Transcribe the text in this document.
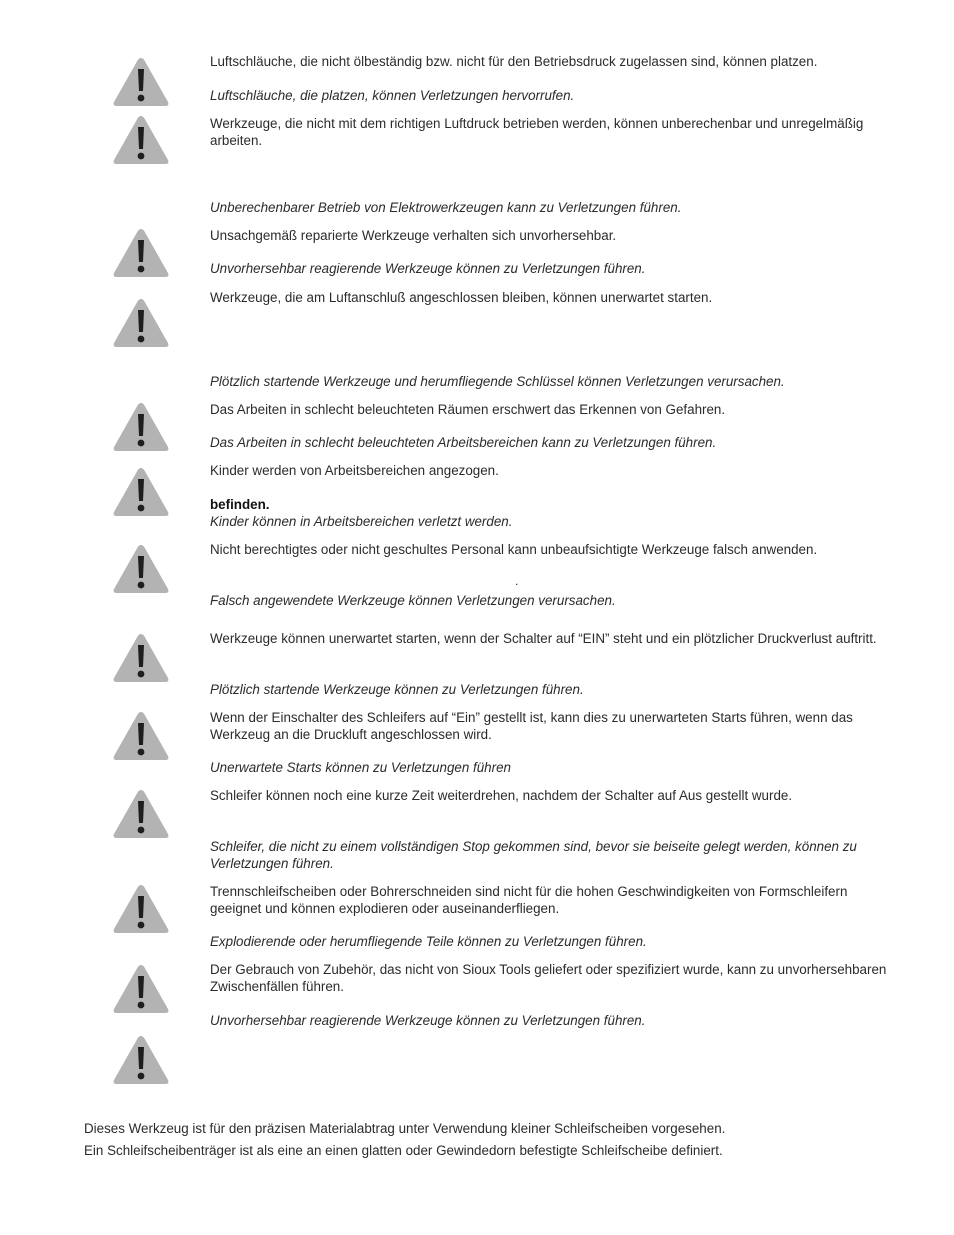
Luftschläuche, die nicht ölbeständig bzw. nicht für den Betriebsdruck zugelassen sind, können platzen.

Luftschläuche, die platzen, können Verletzungen hervorrufen.

Werkzeuge, die nicht mit dem richtigen Luftdruck betrieben werden, können unberechenbar und unregelmäßig arbeiten.

Unberechenbarer Betrieb von Elektrowerkzeugen kann zu Verletzungen führen.

Unsachgemäß reparierte Werkzeuge verhalten sich unvorhersehbar.

Unvorhersehbar reagierende Werkzeuge können zu Verletzungen führen.

Werkzeuge, die am Luftanschluß angeschlossen bleiben, können unerwartet starten.

Plötzlich startende Werkzeuge und herumfliegende Schlüssel können Verletzungen verursachen.

Das Arbeiten in schlecht beleuchteten Räumen erschwert das Erkennen von Gefahren.

Das Arbeiten in schlecht beleuchteten Arbeitsbereichen kann zu Verletzungen führen.

Kinder werden von Arbeitsbereichen angezogen.

befinden.

Kinder können in Arbeitsbereichen verletzt werden.

Nicht berechtigtes oder nicht geschultes Personal kann unbeaufsichtigte Werkzeuge falsch anwenden.

.

Falsch angewendete Werkzeuge können Verletzungen verursachen.

Werkzeuge können unerwartet starten, wenn der Schalter auf “EIN” steht und ein plötzlicher Druckverlust auftritt.

Plötzlich startende Werkzeuge können zu Verletzungen führen.

Wenn der Einschalter des Schleifers auf “Ein” gestellt ist, kann dies zu unerwarteten Starts führen, wenn das Werkzeug an die Druckluft angeschlossen wird.

Unerwartete Starts können zu Verletzungen führen

Schleifer können noch eine kurze Zeit weiterdrehen, nachdem der Schalter auf Aus gestellt wurde.

Schleifer, die nicht zu einem vollständigen Stop gekommen sind, bevor sie beiseite gelegt werden, können zu Verletzungen führen.

Trennschleifscheiben oder Bohrerschneiden sind nicht für die hohen Geschwindigkeiten von Formschleifern geeignet und können explodieren oder auseinanderfliegen.

Explodierende oder herumfliegende Teile können zu Verletzungen führen.

Der Gebrauch von Zubehör, das nicht von Sioux Tools geliefert oder spezifiziert wurde, kann zu unvorhersehbaren Zwischenfällen führen.

Unvorhersehbar reagierende Werkzeuge können zu Verletzungen führen.

Dieses Werkzeug ist für den präzisen Materialabtrag unter Verwendung kleiner Schleifscheiben vorgesehen.

Ein Schleifscheibenträger ist als eine an einen glatten oder Gewindedorn befestigte Schleifscheibe definiert.
